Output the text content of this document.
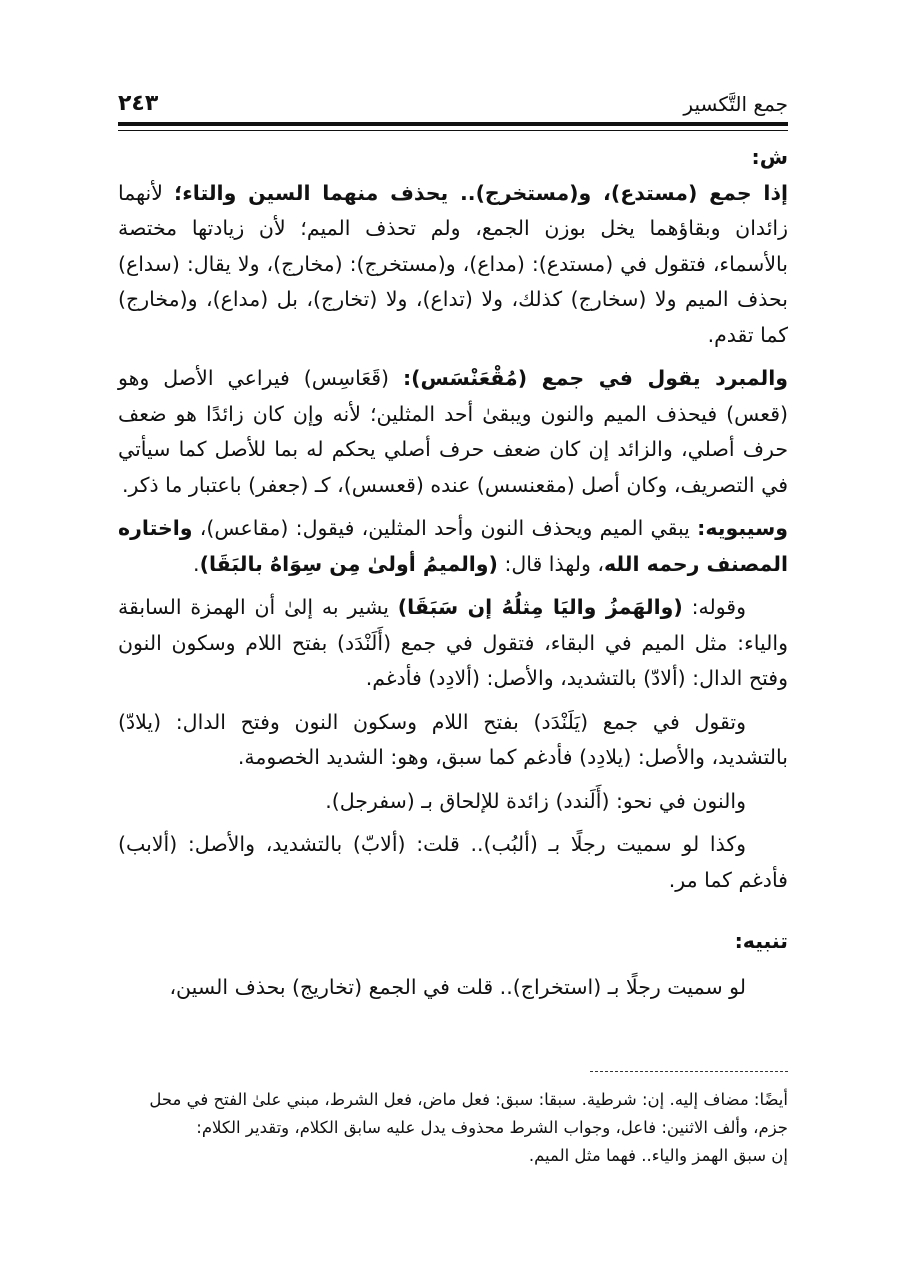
جمع التَّكسير
٢٤٣

ش:

إذا جمع (مستدع)، و(مستخرج).. يحذف منهما السين والتاء؛ لأنهما زائدان وبقاؤهما يخل بوزن الجمع، ولم تحذف الميم؛ لأن زيادتها مختصة بالأسماء، فتقول في (مستدع): (مداع)، و(مستخرج): (مخارج)، ولا يقال: (سداع) بحذف الميم ولا (سخارج) كذلك، ولا (تداع)، ولا (تخارج)، بل (مداع)، و(مخارج) كما تقدم.

والمبرد يقول في جمع (مُقْعَنْسَس): (قَعَاسِس) فيراعي الأصل وهو (قعس) فيحذف الميم والنون ويبقىٰ أحد المثلين؛ لأنه وإن كان زائدًا هو ضعف حرف أصلي، والزائد إن كان ضعف حرف أصلي يحكم له بما للأصل كما سيأتي في التصريف، وكان أصل (مقعنسس) عنده (قعسس)، كـ (جعفر) باعتبار ما ذكر.

وسيبويه: يبقي الميم ويحذف النون وأحد المثلين، فيقول: (مقاعس)، واختاره المصنف رحمه الله، ولهذا قال: (والميمُ أولىٰ مِن سِوَاهُ بالبَقَا).

وقوله: (والهَمزُ واليَا مِثلُهُ إن سَبَقَا) يشير به إلىٰ أن الهمزة السابقة والياء: مثل الميم في البقاء، فتقول في جمع (أَلَنْدَد) بفتح اللام وسكون النون وفتح الدال: (ألادّ) بالتشديد، والأصل: (ألادِد) فأدغم.

وتقول في جمع (يَلَنْدَد) بفتح اللام وسكون النون وفتح الدال: (يلادّ) بالتشديد، والأصل: (يلادِد) فأدغم كما سبق، وهو: الشديد الخصومة.

والنون في نحو: (أَلَندد) زائدة للإلحاق بـ (سفرجل).

وكذا لو سميت رجلًا بـ (ألبُب).. قلت: (ألابّ) بالتشديد، والأصل: (ألابب) فأدغم كما مر.

تنبيه:

لو سميت رجلًا بـ (استخراج).. قلت في الجمع (تخاريج) بحذف السين،

أيضًا: مضاف إليه. إن: شرطية. سبقا: سبق: فعل ماض، فعل الشرط، مبني علىٰ الفتح في محل

جزم، وألف الاثنين: فاعل، وجواب الشرط محذوف يدل عليه سابق الكلام، وتقدير الكلام:

إن سبق الهمز والياء.. فهما مثل الميم.
